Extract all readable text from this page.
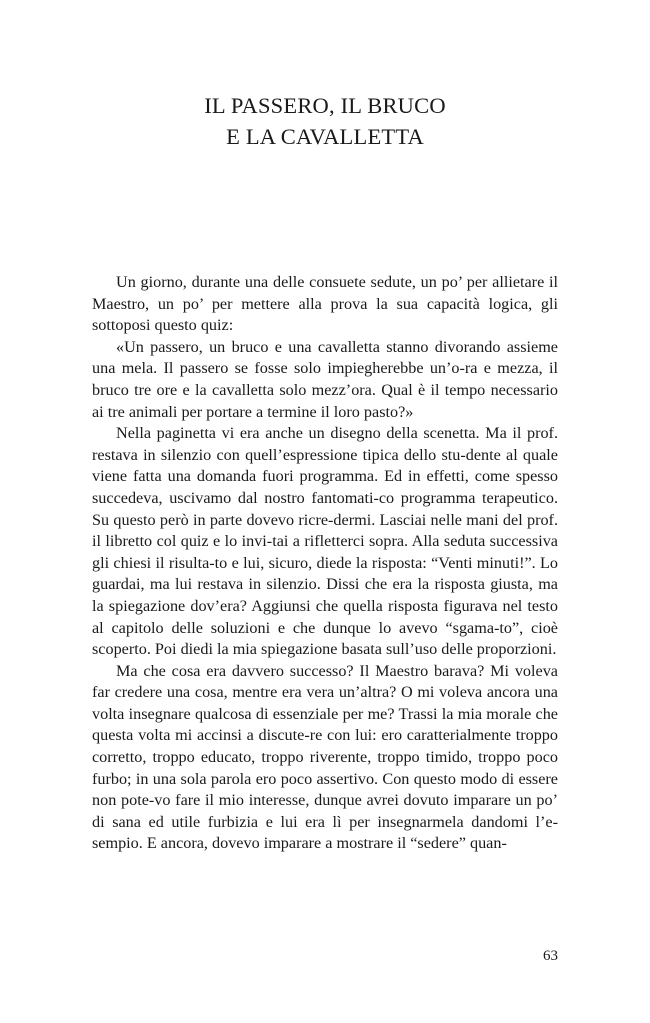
IL PASSERO, IL BRUCO
E LA CAVALLETTA

Un giorno, durante una delle consuete sedute, un po’ per allietare il Maestro, un po’ per mettere alla prova la sua capacità logica, gli sottoposi questo quiz:

«Un passero, un bruco e una cavalletta stanno divorando assieme una mela. Il passero se fosse solo impiegherebbe un’o-ra e mezza, il bruco tre ore e la cavalletta solo mezz’ora. Qual è il tempo necessario ai tre animali per portare a termine il loro pasto?»

Nella paginetta vi era anche un disegno della scenetta. Ma il prof. restava in silenzio con quell’espressione tipica dello stu-dente al quale viene fatta una domanda fuori programma. Ed in effetti, come spesso succedeva, uscivamo dal nostro fantomati-co programma terapeutico. Su questo però in parte dovevo ricre-dermi. Lasciai nelle mani del prof. il libretto col quiz e lo invi-tai a rifletterci sopra. Alla seduta successiva gli chiesi il risulta-to e lui, sicuro, diede la risposta: “Venti minuti!”. Lo guardai, ma lui restava in silenzio. Dissi che era la risposta giusta, ma la spiegazione dov’era? Aggiunsi che quella risposta figurava nel testo al capitolo delle soluzioni e che dunque lo avevo “sgama-to”, cioè scoperto. Poi diedi la mia spiegazione basata sull’uso delle proporzioni.

Ma che cosa era davvero successo? Il Maestro barava? Mi voleva far credere una cosa, mentre era vera un’altra? O mi voleva ancora una volta insegnare qualcosa di essenziale per me? Trassi la mia morale che questa volta mi accinsi a discute-re con lui: ero caratterialmente troppo corretto, troppo educato, troppo riverente, troppo timido, troppo poco furbo; in una sola parola ero poco assertivo. Con questo modo di essere non pote-vo fare il mio interesse, dunque avrei dovuto imparare un po’ di sana ed utile furbizia e lui era lì per insegnarmela dandomi l’e-sempio. E ancora, dovevo imparare a mostrare il “sedere” quan-

63
